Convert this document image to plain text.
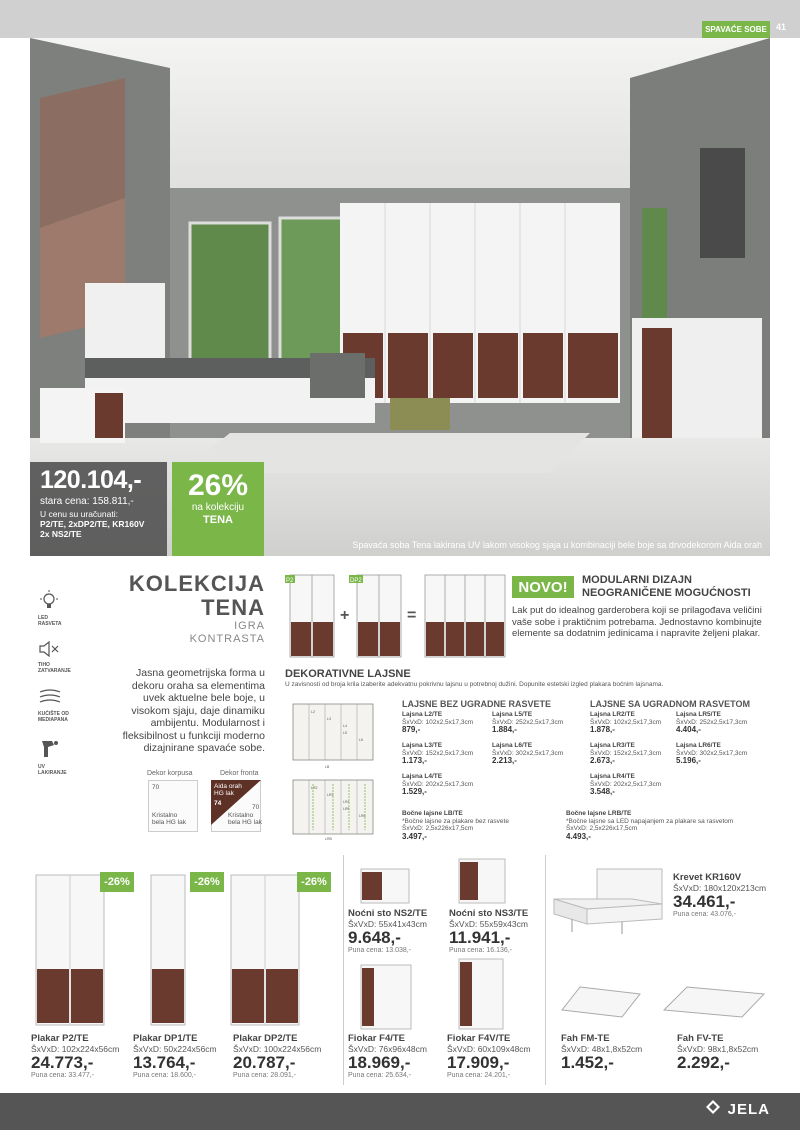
SPAVAĆE SOBE	41
120.104,-
stara cena: 158.811,-
U cenu su uračunati:
P2/TE, 2xDP2/TE, KR160V
2x NS2/TE
26%
na kolekciju
TENA
Spavaća soba Tena lakirana UV lakom visokog sjaja u kombinaciji bele boje sa drvodekorom Aida orah
LED
RASVETA
TIHO
ZATVARANJE
KUĆIŠTE OD
MEDIAPANA
UV
LAKIRANJE
KOLEKCIJA
TENA
IGRA
KONTRASTA
Jasna geometrijska forma u dekoru oraha sa elementima uvek aktuelne bele boje, u visokom sjaju, daje dinamiku ambijentu. Modularnost i fleksibilnost u funkciji moderno dizajnirane spavaće sobe.
Dekor korpusa	Dekor fronta
70
Kristalno
bela HG lak
Aida orah
HG lak
74
70
Kristalno
bela HG lak
P2
+
DP2
=
NOVO!	MODULARNI DIZAJN
NEOGRANIČENE MOGUĆNOSTI
Lak put do idealnog garderobera koji se prilagođava veličini vaše sobe i praktičnim potrebama. Jednostavno kombinujte elemente sa dodatnim jedinicama i napravite željeni plakar.
DEKORATIVNE LAJSNE
U zavisnosti od broja krila izaberite adekvatnu pokrivnu lajsnu u potrebnoj dužini. Dopunite estetski izgled plakara bočnim lajsnama.
L2
L3
L4
L5
L6
LB
LR2
LR3
LR4
LR5
LR6
LRB
LAJSNE BEZ UGRADNE RASVETE	LAJSNE SA UGRADNOM RASVETOM
Lajsna L2/TE
ŠxVxD: 102x2,5x17,3cm
879,-
Lajsna L5/TE
ŠxVxD: 252x2,5x17,3cm
1.884,-
Lajsna L3/TE
ŠxVxD: 152x2,5x17,3cm
1.173,-
Lajsna L6/TE
ŠxVxD: 302x2,5x17,3cm
2.213,-
Lajsna L4/TE
ŠxVxD: 202x2,5x17,3cm
1.529,-
Lajsna LR2/TE
ŠxVxD: 102x2,5x17,3cm
1.878,-
Lajsna LR5/TE
ŠxVxD: 252x2,5x17,3cm
4.404,-
Lajsna LR3/TE
ŠxVxD: 152x2,5x17,3cm
2.673,-
Lajsna LR6/TE
ŠxVxD: 302x2,5x17,3cm
5.196,-
Lajsna LR4/TE
ŠxVxD: 202x2,5x17,3cm
3.548,-
Bočne lajsne LB/TE
*Bočne lajsne za plakare bez rasvete
ŠxVxD: 2,5x226x17,5cm
3.497,-
Bočne lajsne LRB/TE
*Bočne lajsne sa LED napajanjem za plakare sa rasvetom
ŠxVxD: 2,5x226x17,5cm
4.493,-
-26%	-26%	-26%
Plakar P2/TE
ŠxVxD: 102x224x56cm
24.773,-
Puna cena: 33.477,-
Plakar DP1/TE
ŠxVxD: 50x224x56cm
13.764,-
Puna cena: 18.600,-
Plakar DP2/TE
ŠxVxD: 100x224x56cm
20.787,-
Puna cena: 28.091,-
Noćni sto NS2/TE
ŠxVxD: 55x41x43cm
9.648,-
Puna cena: 13.038,-
Noćni sto NS3/TE
ŠxVxD: 55x59x43cm
11.941,-
Puna cena: 16.136,-
Fiokar F4/TE
ŠxVxD: 76x96x48cm
18.969,-
Puna cena: 25.634,-
Fiokar F4V/TE
ŠxVxD: 60x109x48cm
17.909,-
Puna cena: 24.201,-
Krevet KR160V
ŠxVxD: 180x120x213cm
34.461,-
Puna cena: 43.076,-
Fah FM-TE
ŠxVxD: 48x1,8x52cm
1.452,-
Fah FV-TE
ŠxVxD: 98x1,8x52cm
2.292,-
JELA
